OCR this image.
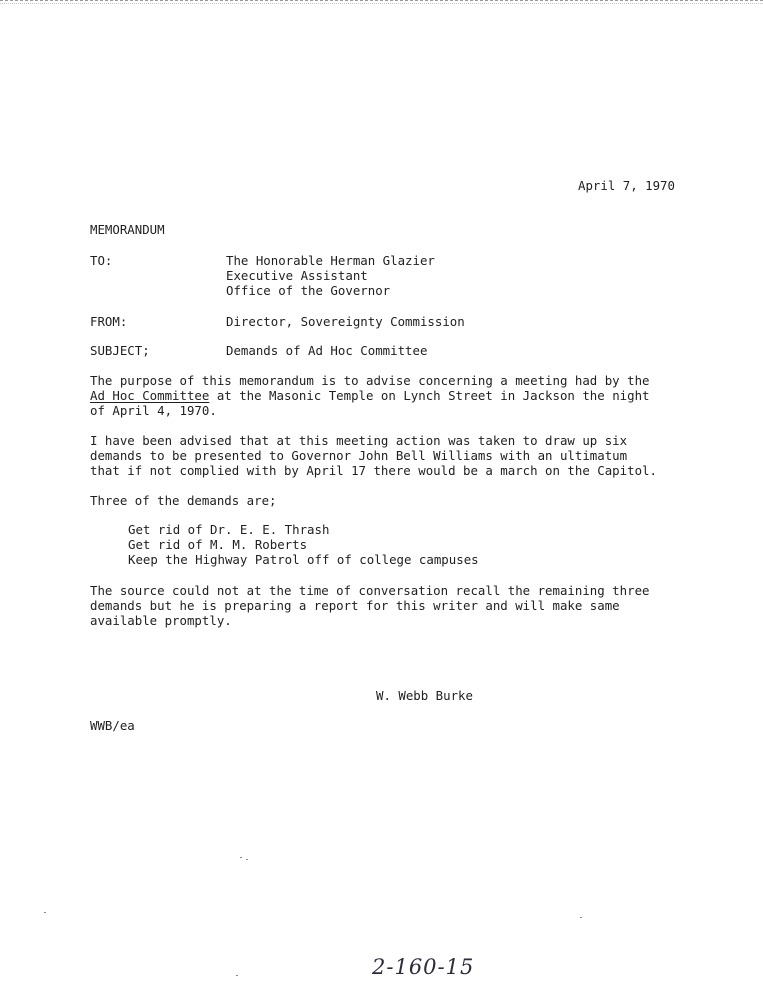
April 7, 1970
MEMORANDUM
TO:	The Honorable Herman Glazier
Executive Assistant
Office of the Governor
FROM:	Director, Sovereignty Commission
SUBJECT;	Demands of Ad Hoc Committee
The purpose of this memorandum is to advise concerning a meeting had by the
Ad Hoc Committee at the Masonic Temple on Lynch Street in Jackson the night
of April 4, 1970.
I have been advised that at this meeting action was taken to draw up six
demands to be presented to Governor John Bell Williams with an ultimatum
that if not complied with by April 17 there would be a march on the Capitol.
Three of the demands are;
Get rid of Dr. E. E. Thrash
Get rid of M. M. Roberts
Keep the Highway Patrol off of college campuses
The source could not at the time of conversation recall the remaining three
demands but he is preparing a report for this writer and will make same
available promptly.
W. Webb Burke
WWB/ea
2-160-15
